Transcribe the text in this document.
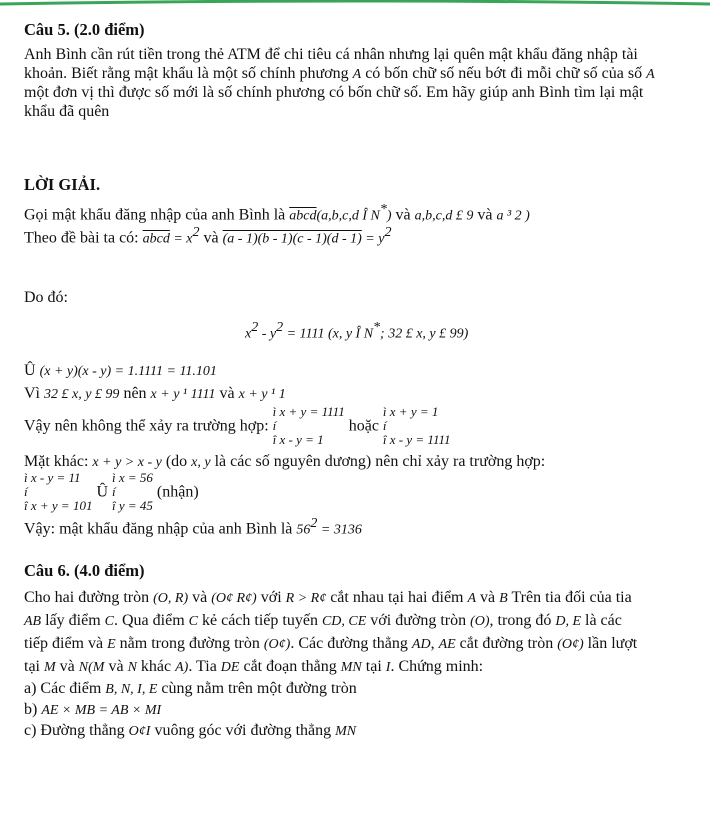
Câu 5. (2.0 điểm)
Anh Bình cần rút tiền trong thẻ ATM để chi tiêu cá nhân nhưng lại quên mật khẩu đăng nhập tài
khoản. Biết rằng mật khẩu là một số chính phương A có bốn chữ số nếu bớt đi mỗi chữ số của số A
một đơn vị thì được số mới là số chính phương có bốn chữ số. Em hãy giúp anh Bình tìm lại mật
khẩu đã quên
LỜI GIẢI.
Gọi mật khẩu đăng nhập của anh Bình là abcd(a,b,c,d Î N*) và a,b,c,d £ 9 và a ³ 2 )
Theo đề bài ta có: abcd = $x^2$ và $(a - 1)(b - 1)(c - 1)(d - 1) = y^2$
Do đó:
$x^2 - y^2 = 1111$ (x, y Î N*; 32 £ x, y £ 99)
Û (x + y)(x - y) = 1.1111 = 11.101
Vì 32 £ x, y £ 99 nên x + y ¹ 1111 và x + y ¹ 1
Vậy nên không thể xảy ra trường hợp:
ì x + y = 1111
í
î x - y = 1
hoặc
ì x + y = 1
í
î x - y = 1111
Mặt khác: x + y > x - y (do x, y là các số nguyên dương) nên chỉ xảy ra trường hợp:
ì x - y = 11
í
î x + y = 101
Û
ì x = 56
í
î y = 45
(nhận)
Vậy: mật khẩu đăng nhập của anh Bình là $56^2 = 3136$
Câu 6. (4.0 điểm)
Cho hai đường tròn (O, R) và (O¢ R¢) với R > R¢ cắt nhau tại hai điểm A và B Trên tia đối của tia
AB lấy điểm C. Qua điểm C kẻ cách tiếp tuyến CD, CE với đường tròn (O), trong đó D, E là các
tiếp điểm và E nằm trong đường tròn (O¢). Các đường thẳng AD, AE cắt đường tròn (O¢) lần lượt
tại M và N(M và N khác A). Tia DE cắt đoạn thẳng MN tại I. Chứng minh:
a) Các điểm B, N, I, E cùng nằm trên một đường tròn
b) AE × MB = AB × MI
c) Đường thẳng O¢I vuông góc với đường thẳng MN
